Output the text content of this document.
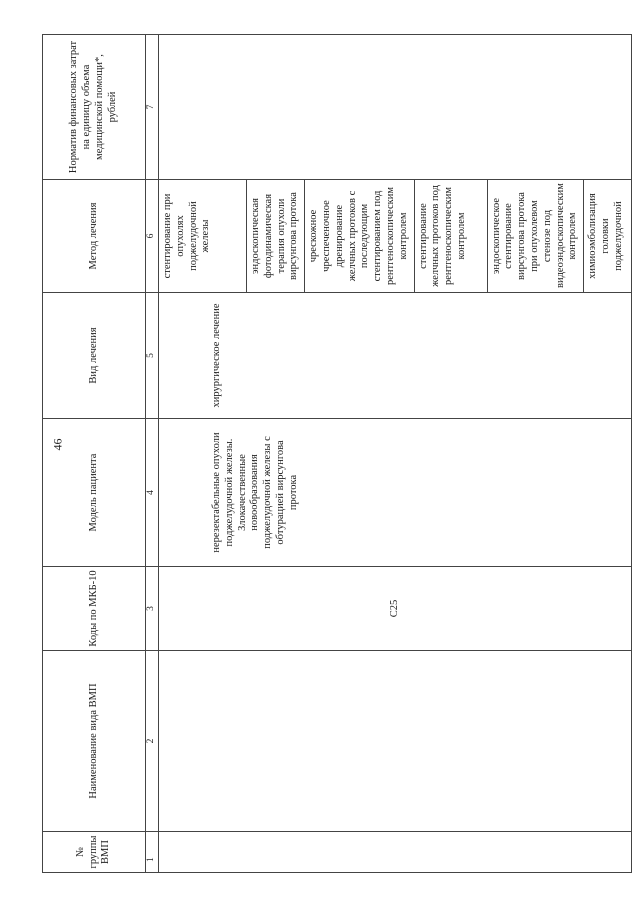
46
№ группы ВМП	Наименование вида ВМП	Коды по МКБ-10	Модель пациента	Вид лечения	Метод лечения	Норматив финансовых затрат на единицу объема медицинской помощи*, рублей
1	2	3	4	5	6	7
		C25	нерезектабельные опухоли поджелудочной железы. Злокачественные новообразования поджелудочной железы с обтурацией вирсунгова протока	хирургическое лечение	стентирование при опухолях поджелудочной железы	
					эндоскопическая фотодинамическая терапия опухоли вирсунгова протока	
					чрескожное чреспеченочное дренирование желчных протоков с последующим стентированием под рентгеноскопическим контролем	
					стентирование желчных протоков под рентгеноскопическим контролем	
					эндоскопическое стентирование вирсунгова протока при опухолевом стенозе под видеоэндоскопическим контролем	
					химиоэмболизация головки поджелудочной	
